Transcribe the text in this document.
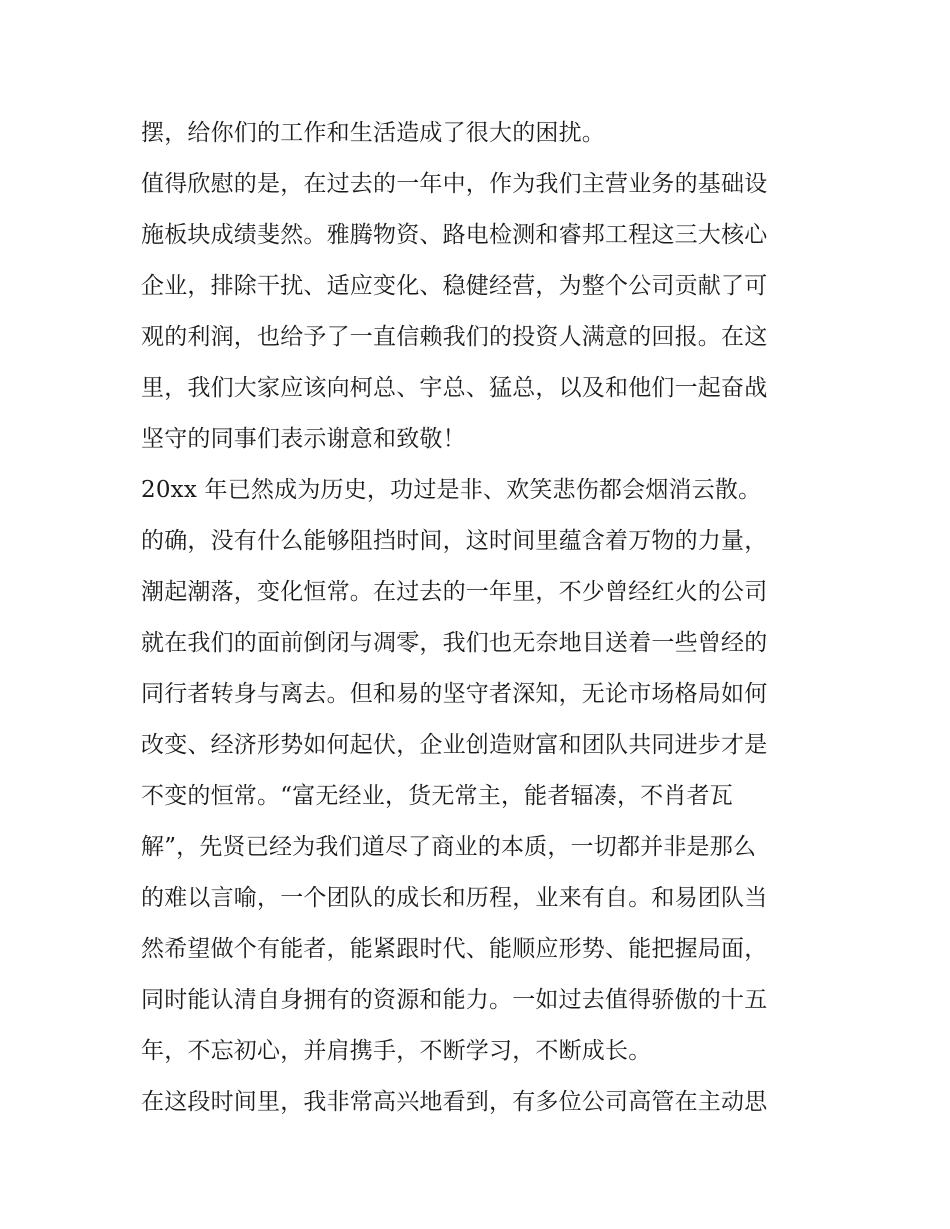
摆，给你们的工作和生活造成了很大的困扰。
值得欣慰的是，在过去的一年中，作为我们主营业务的基础设
施板块成绩斐然。雅腾物资、路电检测和睿邦工程这三大核心
企业，排除干扰、适应变化、稳健经营，为整个公司贡献了可
观的利润，也给予了一直信赖我们的投资人满意的回报。在这
里，我们大家应该向柯总、宇总、猛总，以及和他们一起奋战
坚守的同事们表示谢意和致敬！
20xx 年已然成为历史，功过是非、欢笑悲伤都会烟消云散。
的确，没有什么能够阻挡时间，这时间里蕴含着万物的力量，
潮起潮落，变化恒常。在过去的一年里，不少曾经红火的公司
就在我们的面前倒闭与凋零，我们也无奈地目送着一些曾经的
同行者转身与离去。但和易的坚守者深知，无论市场格局如何
改变、经济形势如何起伏，企业创造财富和团队共同进步才是
不变的恒常。“富无经业，货无常主，能者辐凑，不肖者瓦
解”，先贤已经为我们道尽了商业的本质，一切都并非是那么
的难以言喻，一个团队的成长和历程，业来有自。和易团队当
然希望做个有能者，能紧跟时代、能顺应形势、能把握局面，
同时能认清自身拥有的资源和能力。一如过去值得骄傲的十五
年，不忘初心，并肩携手，不断学习，不断成长。
在这段时间里，我非常高兴地看到，有多位公司高管在主动思
